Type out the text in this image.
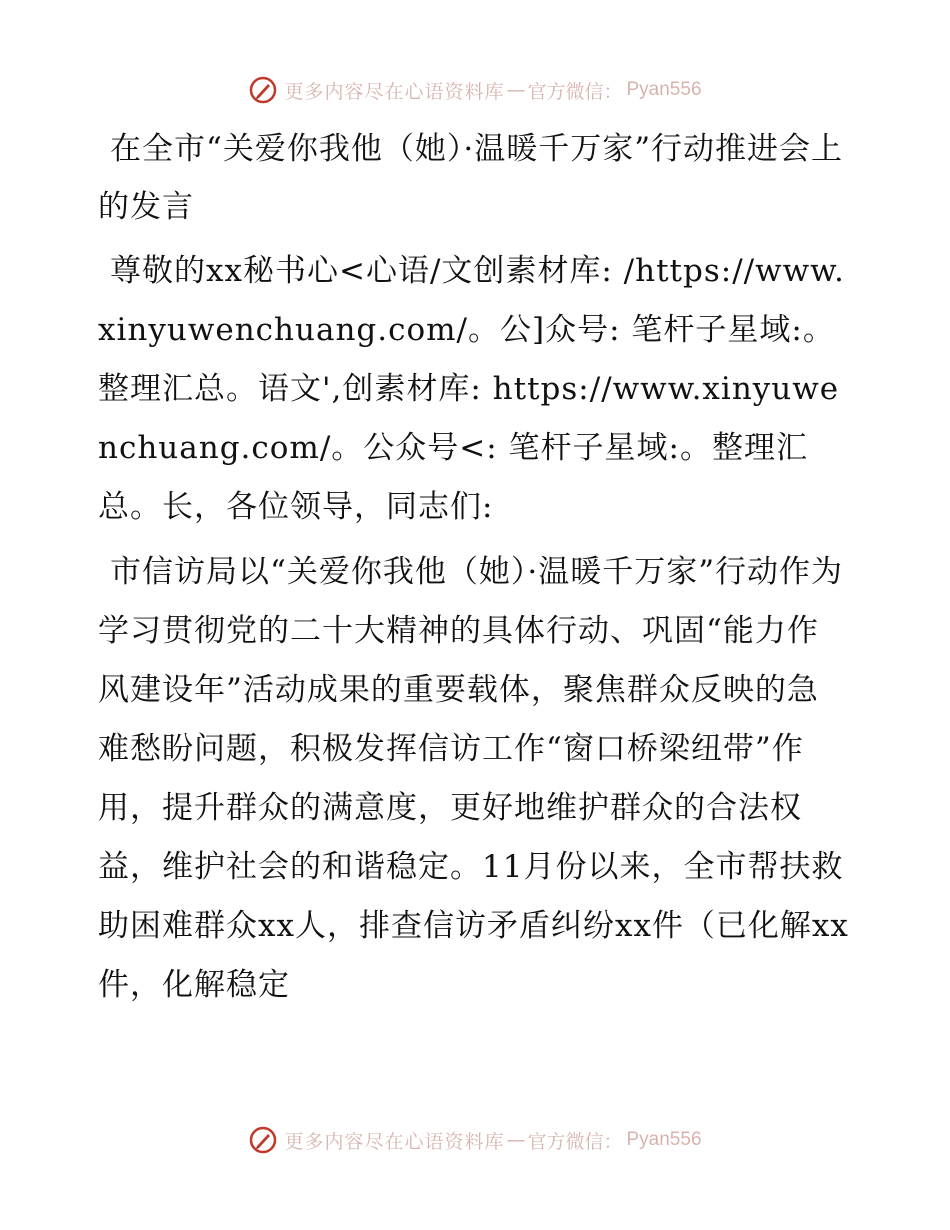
更多内容尽在心语资料库 — 官方微信： Pyan556
在全市“关爱你我他（她）·温暖千万家”行动推进会上的发言

尊敬的xx秘书心<心语/文创素材库: /https://www.xinyuwenchuang.com/。公]众号: 笔杆子星域:。整理汇总。语文',创素材库: https://www.xinyuwenchuang.com/。公众号<: 笔杆子星域:。整理汇总。长，各位领导，同志们:

市信访局以“关爱你我他（她）·温暖千万家”行动作为学习贯彻党的二十大精神的具体行动、巩固“能力作风建设年”活动成果的重要载体，聚焦群众反映的急难愁盼问题，积极发挥信访工作“窗口桥梁纽带”作用，提升群众的满意度，更好地维护群众的合法权益，维护社会的和谐稳定。11月份以来，全市帮扶救助困难群众xx人，排查信访矛盾纠纷xx件（已化解xx件，化解稳定

更多内容尽在心语资料库 — 官方微信： Pyan556
